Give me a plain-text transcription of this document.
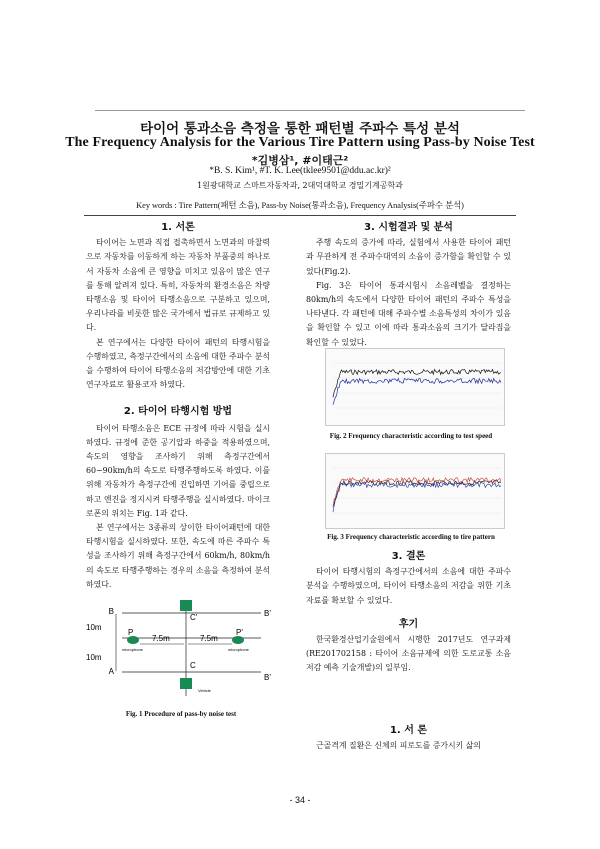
타이어 통과소음 측정을 통한 패턴별 주파수 특성 분석
The Frequency Analysis for the Various Tire Pattern using Pass-by Noise Test
*김병삼¹, #이태근²
*B. S. Kim¹, #T. K. Lee(tklee9501@ddu.ac.kr)²
1원광대학교 스마트자동차과, 2대덕대학교 경밀기계공학과
Key words : Tire Pattern(패턴 소음), Pass-by Noise(통과소음), Frequency Analysis(주파수 분석)

1. 서론

타이어는 노면과 직접 접촉하면서 노면과의 마찰력으로 자동차를 이동하게 하는 자동차 부품중의 하나로서 자동차 소음에 큰 영향을 미치고 있음이 많은 연구를 통해 알려져 있다. 특히, 자동차의 환경소음은 차량 타행소음 및 타이어 타행소음으로 구분하고 있으며, 우리나라를 비롯한 많은 국가에서 법규로 규제하고 있다.

본 연구에서는 다양한 타이어 패턴의 타행시험을 수행하였고, 측정구간에서의 소음에 대한 주파수 분석을 수행하여 타이어 타행소음의 저감방안에 대한 기초연구자료로 활용코자 하였다.

2. 타이어 타행시험 방법

타이어 타행소음은 ECE 규정에 따라 시험을 실시하였다. 규정에 준한 공기압과 하중을 적용하였으며, 속도의 영향을 조사하기 위해 측정구간에서 60~90km/h의 속도로 타행주행하도록 하였다. 이를 위해 자동차가 측정구간에 진입하면 기어를 중립으로 하고 엔진을 정지시켜 타행주행을 실시하였다. 마이크로폰의 위치는 Fig. 1과 같다.

본 연구에서는 3종류의 상이한 타이어패턴에 대한 타행시험을 실시하였다. 또한, 속도에 따른 주파수 특성을 조사하기 위해 측정구간에서 60km/h, 80km/h의 속도로 타행주행하는 경우의 소음을 측정하여 분석하였다.

B	B'
C'
C
A
B'
P	P'
10m
10m
7.5m	7.5m
microphone	microphone
Vehicle
Fig. 1 Procedure of pass-by noise test

3. 시험결과 및 분석

주행 속도의 증가에 따라, 실험에서 사용한 타이어 패턴과 무관하게 전 주파수대역의 소음이 증가함을 확인할 수 있었다(Fig.2).

Fig. 3은 타이어 통과시험시 소음레벨을 결정하는 80km/h의 속도에서 다양한 타이어 패턴의 주파수 특성을 나타낸다. 각 패턴에 대해 주파수별 소음특성의 차이가 있음을 확인할 수 있고 이에 따라 통과소음의 크기가 달라짐을 확인할 수 있었다.

Fig. 2 Frequency characteristic according to test speed
Fig. 3 Frequency characteristic according to tire pattern

3. 결론

타이어 타행시험의 측정구간에서의 소음에 대한 주파수분석을 수행하였으며, 타이어 타행소음의 저감을 위한 기초자료를 확보할 수 있었다.

후기

한국환경산업기술원에서 시행한 2017년도 연구과제(RE201702158 : 타이어 소음규제에 의한 도로교통 소음 저감 예측 기술개발)의 일부임.

1. 서 론

근골격계 질환은 신체의 피로도를 증가시키 삶의

- 34 -
